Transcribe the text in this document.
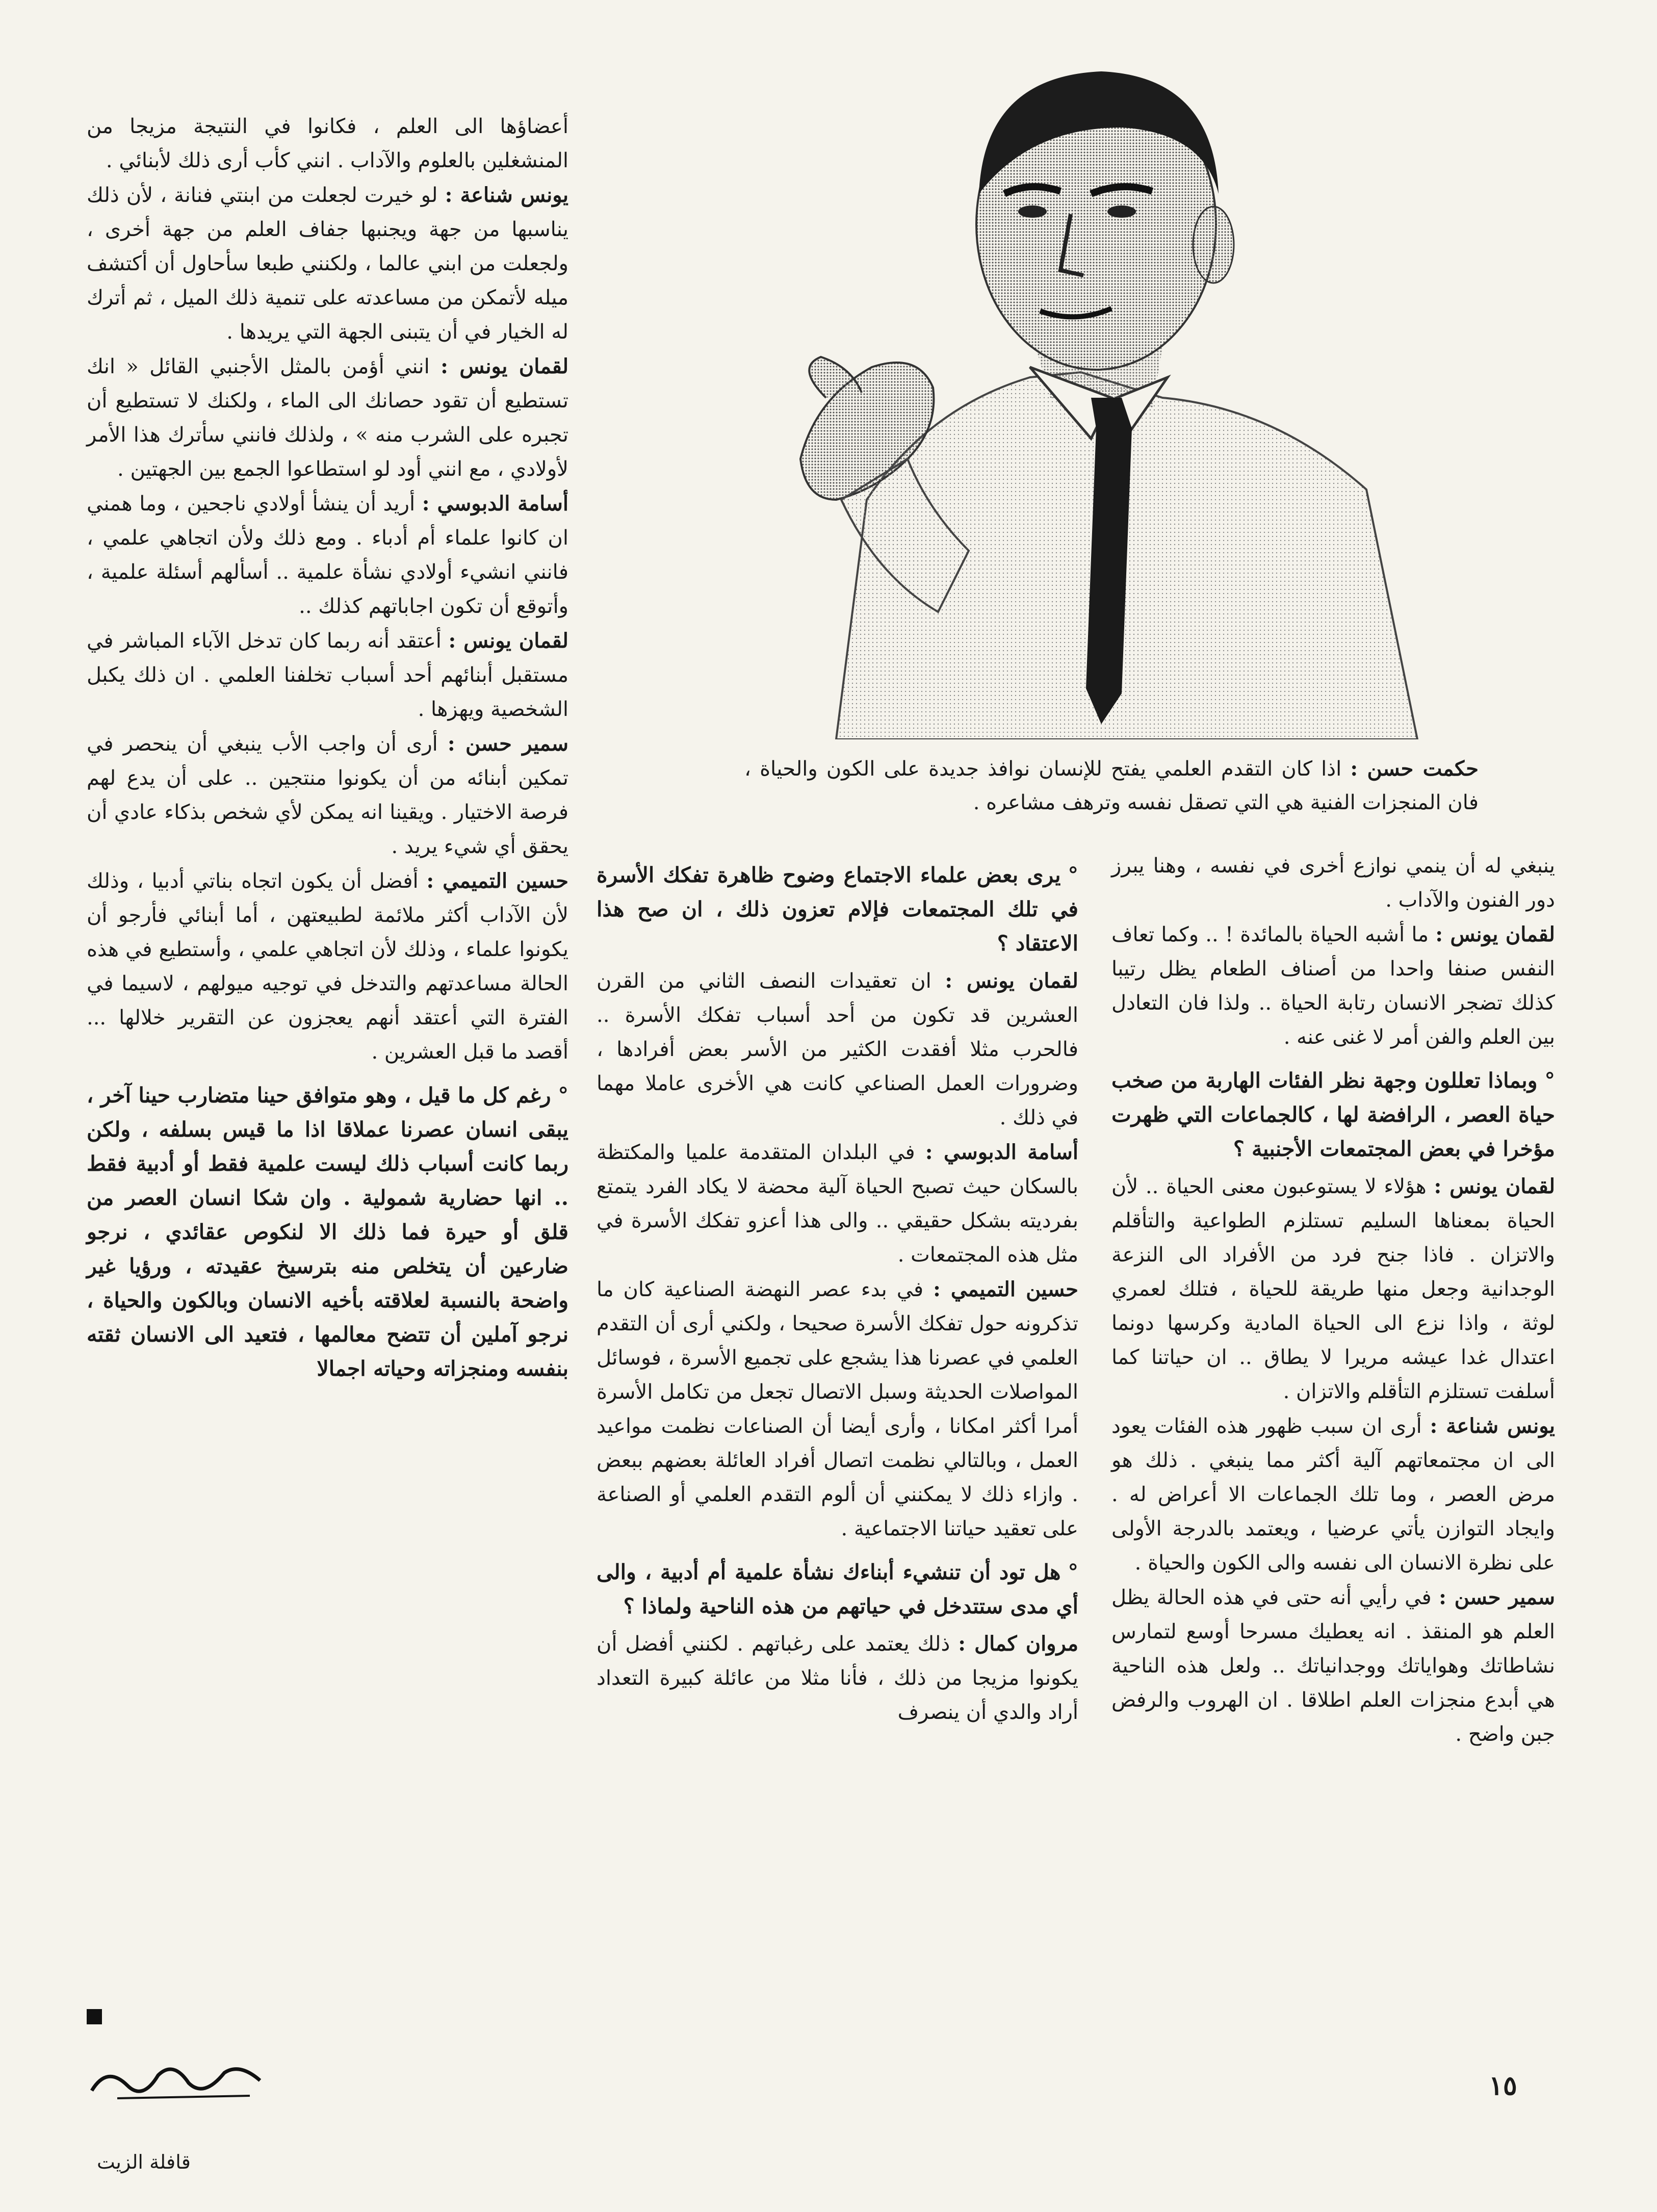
حكمت حسن : اذا كان التقدم العلمي يفتح للإنسان نوافذ جديدة على الكون والحياة ، فان المنجزات الفنية هي التي تصقل نفسه وترهف مشاعره .

ينبغي له أن ينمي نوازع أخرى في نفسه ، وهنا يبرز دور الفنون والآداب .

لقمان يونس : ما أشبه الحياة بالمائدة ! .. وكما تعاف النفس صنفا واحدا من أصناف الطعام يظل رتيبا كذلك تضجر الانسان رتابة الحياة .. ولذا فان التعادل بين العلم والفن أمر لا غنى عنه .

°وبماذا تعللون وجهة نظر الفئات الهاربة من صخب حياة العصر ، الرافضة لها ، كالجماعات التي ظهرت مؤخرا في بعض المجتمعات الأجنبية ؟

لقمان يونس : هؤلاء لا يستوعبون معنى الحياة .. لأن الحياة بمعناها السليم تستلزم الطواعية والتأقلم والاتزان . فاذا جنح فرد من الأفراد الى النزعة الوجدانية وجعل منها طريقة للحياة ، فتلك لعمري لوثة ، واذا نزع الى الحياة المادية وكرسها دونما اعتدال غدا عيشه مريرا لا يطاق .. ان حياتنا كما أسلفت تستلزم التأقلم والاتزان .

يونس شناعة : أرى ان سبب ظهور هذه الفئات يعود الى ان مجتمعاتهم آلية أكثر مما ينبغي . ذلك هو مرض العصر ، وما تلك الجماعات الا أعراض له . وايجاد التوازن يأتي عرضيا ، ويعتمد بالدرجة الأولى على نظرة الانسان الى نفسه والى الكون والحياة .

سمير حسن : في رأيي أنه حتى في هذه الحالة يظل العلم هو المنقذ . انه يعطيك مسرحا أوسع لتمارس نشاطاتك وهواياتك ووجدانياتك .. ولعل هذه الناحية هي أبدع منجزات العلم اطلاقا . ان الهروب والرفض جبن واضح .

°يرى بعض علماء الاجتماع وضوح ظاهرة تفكك الأسرة في تلك المجتمعات فإلام تعزون ذلك ، ان صح هذا الاعتقاد ؟

لقمان يونس : ان تعقيدات النصف الثاني من القرن العشرين قد تكون من أحد أسباب تفكك الأسرة .. فالحرب مثلا أفقدت الكثير من الأسر بعض أفرادها ، وضرورات العمل الصناعي كانت هي الأخرى عاملا مهما في ذلك .

أسامة الدبوسي : في البلدان المتقدمة علميا والمكتظة بالسكان حيث تصبح الحياة آلية محضة لا يكاد الفرد يتمتع بفرديته بشكل حقيقي .. والى هذا أعزو تفكك الأسرة في مثل هذه المجتمعات .

حسين التميمي : في بدء عصر النهضة الصناعية كان ما تذكرونه حول تفكك الأسرة صحيحا ، ولكني أرى أن التقدم العلمي في عصرنا هذا يشجع على تجميع الأسرة ، فوسائل المواصلات الحديثة وسبل الاتصال تجعل من تكامل الأسرة أمرا أكثر امكانا ، وأرى أيضا أن الصناعات نظمت مواعيد العمل ، وبالتالي نظمت اتصال أفراد العائلة بعضهم ببعض . وازاء ذلك لا يمكنني أن ألوم التقدم العلمي أو الصناعة على تعقيد حياتنا الاجتماعية .

°هل تود أن تنشيء أبناءك نشأة علمية أم أدبية ، والى أي مدى ستتدخل في حياتهم من هذه الناحية ولماذا ؟

مروان كمال : ذلك يعتمد على رغباتهم . لكنني أفضل أن يكونوا مزيجا من ذلك ، فأنا مثلا من عائلة كبيرة التعداد أراد والدي أن ينصرف

أعضاؤها الى العلم ، فكانوا في النتيجة مزيجا من المنشغلين بالعلوم والآداب . انني كأب أرى ذلك لأبنائي .

يونس شناعة : لو خيرت لجعلت من ابنتي فنانة ، لأن ذلك يناسبها من جهة ويجنبها جفاف العلم من جهة أخرى ، ولجعلت من ابني عالما ، ولكنني طبعا سأحاول أن أكتشف ميله لأتمكن من مساعدته على تنمية ذلك الميل ، ثم أترك له الخيار في أن يتبنى الجهة التي يريدها .

لقمان يونس : انني أؤمن بالمثل الأجنبي القائل « انك تستطيع أن تقود حصانك الى الماء ، ولكنك لا تستطيع أن تجبره على الشرب منه » ، ولذلك فانني سأترك هذا الأمر لأولادي ، مع انني أود لو استطاعوا الجمع بين الجهتين .

أسامة الدبوسي : أريد أن ينشأ أولادي ناجحين ، وما همني ان كانوا علماء أم أدباء . ومع ذلك ولأن اتجاهي علمي ، فانني انشيء أولادي نشأة علمية .. أسألهم أسئلة علمية ، وأتوقع أن تكون اجاباتهم كذلك ..

لقمان يونس : أعتقد أنه ربما كان تدخل الآباء المباشر في مستقبل أبنائهم أحد أسباب تخلفنا العلمي . ان ذلك يكبل الشخصية ويهزها .

سمير حسن : أرى أن واجب الأب ينبغي أن ينحصر في تمكين أبنائه من أن يكونوا منتجين .. على أن يدع لهم فرصة الاختيار . ويقينا انه يمكن لأي شخص بذكاء عادي أن يحقق أي شيء يريد .

حسين التميمي : أفضل أن يكون اتجاه بناتي أدبيا ، وذلك لأن الآداب أكثر ملائمة لطبيعتهن ، أما أبنائي فأرجو أن يكونوا علماء ، وذلك لأن اتجاهي علمي ، وأستطيع في هذه الحالة مساعدتهم والتدخل في توجيه ميولهم ، لاسيما في الفترة التي أعتقد أنهم يعجزون عن التقرير خلالها ... أقصد ما قبل العشرين .

°رغم كل ما قيل ، وهو متوافق حينا متضارب حينا آخر ، يبقى انسان عصرنا عملاقا اذا ما قيس بسلفه ، ولكن ربما كانت أسباب ذلك ليست علمية فقط أو أدبية فقط .. انها حضارية شمولية . وان شكا انسان العصر من قلق أو حيرة فما ذلك الا لنكوص عقائدي ، نرجو ضارعين أن يتخلص منه بترسيخ عقيدته ، ورؤيا غير واضحة بالنسبة لعلاقته بأخيه الانسان وبالكون والحياة ، نرجو آملين أن تتضح معالمها ، فتعيد الى الانسان ثقته بنفسه ومنجزاته وحياته اجمالا

١٥
قافلة الزيت
